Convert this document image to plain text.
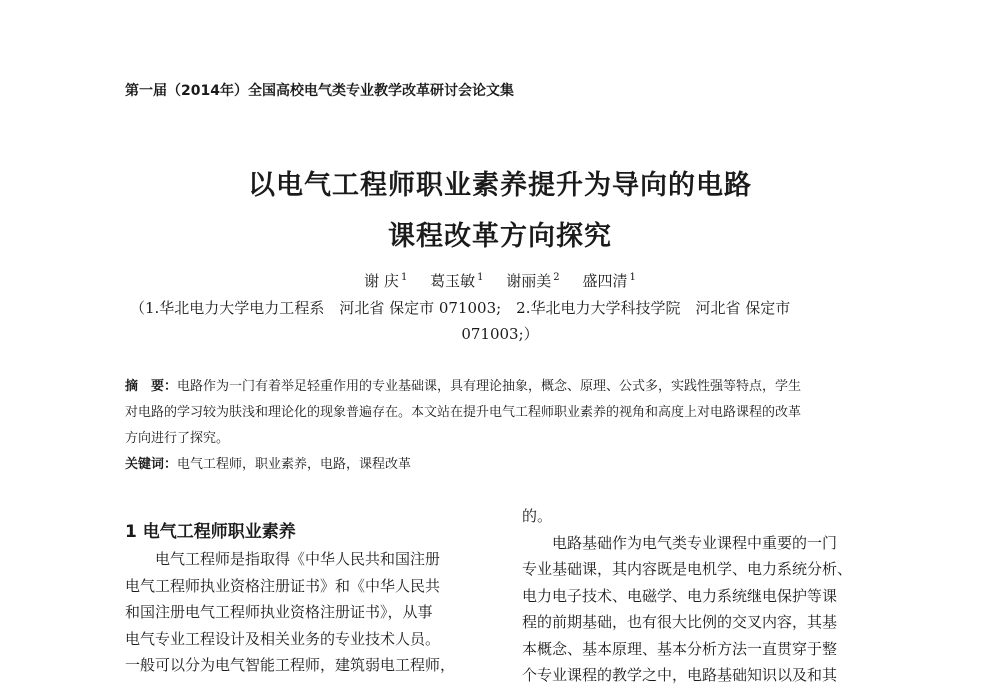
第一届（2014年）全国高校电气类专业教学改革研讨会论文集
以电气工程师职业素养提升为导向的电路
课程改革方向探究
谢 庆 $^1$ 葛玉敏 $^1$ 谢丽美 $^2$ 盛四清 $^1$
（1.华北电力大学电力工程系　河北省 保定市 071003;　2.华北电力大学科技学院　河北省 保定市
071003;）
摘　要：电路作为一门有着举足轻重作用的专业基础课，具有理论抽象，概念、原理、公式多，实践性强等特点，学生
对电路的学习较为肤浅和理论化的现象普遍存在。本文站在提升电气工程师职业素养的视角和高度上对电路课程的改革
方向进行了探究。
关键词：电气工程师，职业素养，电路，课程改革
1 电气工程师职业素养
电气工程师是指取得《中华人民共和国注册
电气工程师执业资格注册证书》和《中华人民共
和国注册电气工程师执业资格注册证书》，从事
电气专业工程设计及相关业务的专业技术人员。
一般可以分为电气智能工程师，建筑弱电工程师，
的。
电路基础作为电气类专业课程中重要的一门
专业基础课，其内容既是电机学、电力系统分析、
电力电子技术、电磁学、电力系统继电保护等课
程的前期基础，也有很大比例的交叉内容，其基
本概念、基本原理、基本分析方法一直贯穿于整
个专业课程的教学之中，电路基础知识以及和其
